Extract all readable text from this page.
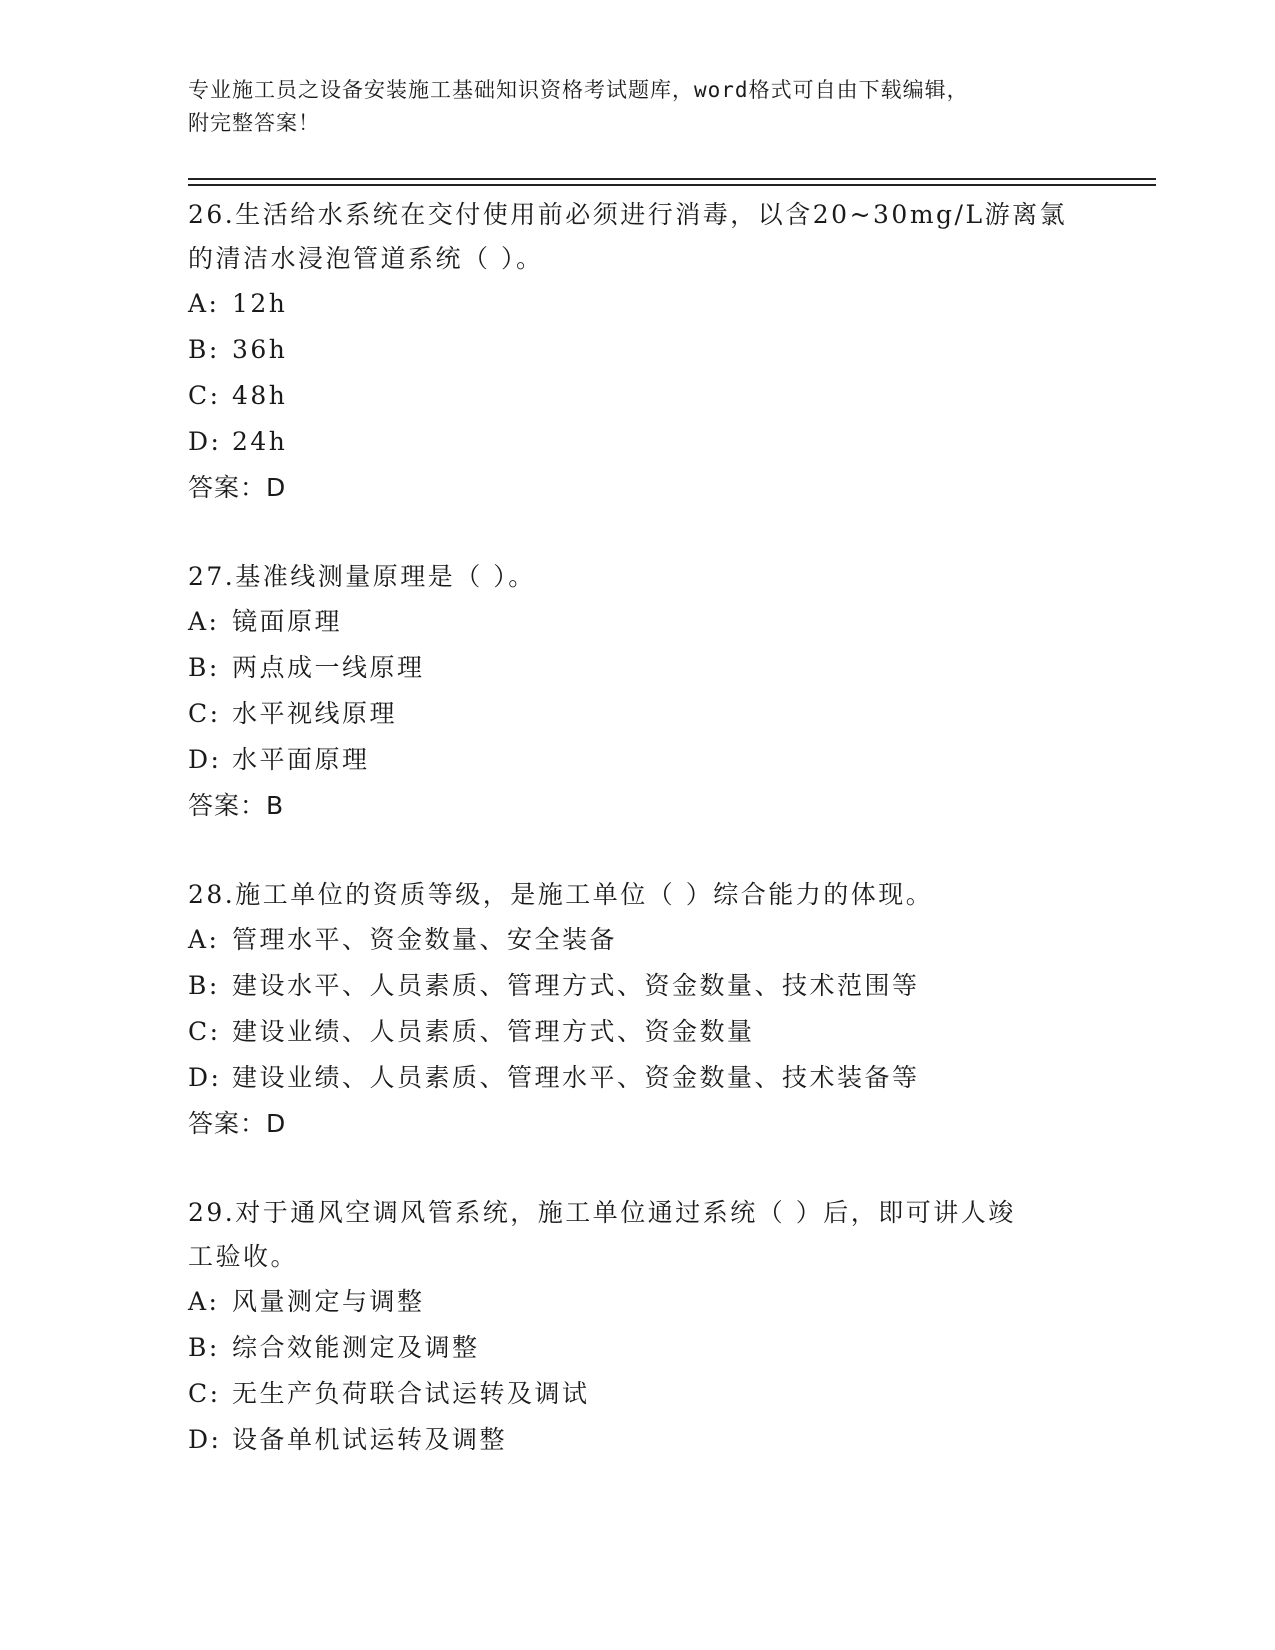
专业施工员之设备安装施工基础知识资格考试题库，word格式可自由下载编辑，
附完整答案！
26.生活给水系统在交付使用前必须进行消毒，以含20~30mg/L游离氯
的清洁水浸泡管道系统（ ）。
A: 12h
B: 36h
C: 48h
D: 24h
答案：D
27.基准线测量原理是（ ）。
A: 镜面原理
B: 两点成一线原理
C: 水平视线原理
D: 水平面原理
答案：B
28.施工单位的资质等级，是施工单位（ ）综合能力的体现。
A: 管理水平、资金数量、安全装备
B: 建设水平、人员素质、管理方式、资金数量、技术范围等
C: 建设业绩、人员素质、管理方式、资金数量
D: 建设业绩、人员素质、管理水平、资金数量、技术装备等
答案：D
29.对于通风空调风管系统，施工单位通过系统（ ）后，即可讲人竣
工验收。
A: 风量测定与调整
B: 综合效能测定及调整
C: 无生产负荷联合试运转及调试
D: 设备单机试运转及调整
